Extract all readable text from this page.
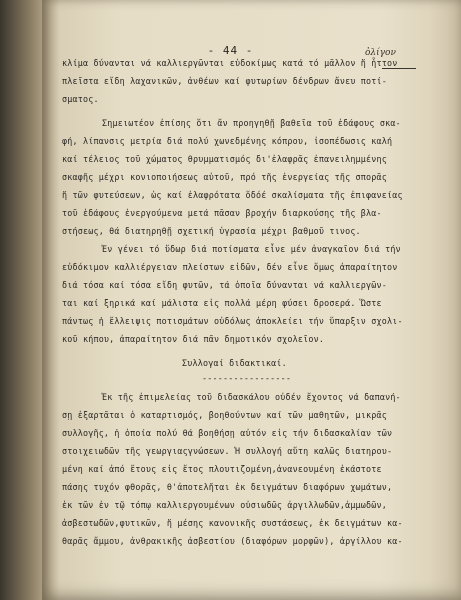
- 44 -	ὀλίγον
κλίμα δύνανται νά καλλιεργῶνται εὐδοκίμως κατά τό μᾶλλον ἤ ἧττον
πλεῖστα εἴδη λαχανικῶν, ἀνθέων καί φυτωρίων δένδρων ἄνευ ποτί-
σματος.
Σημειωτέον ἐπίσης ὅτι ἄν προηγηθῇ βαθεῖα τοῦ ἐδάφους σκα-
φή, λίπανσις μετρία διά πολύ χωνεδμένης κόπρου, ἰσοπέδωσις καλή
καί τέλειος τοῦ χώματος θρυμματισμός δι'ἐλαφρᾶς ἐπανειλημμένης
σκαφῆς μέχρι κονιοποιήσεως αὐτοῦ, πρό τῆς ἐνεργείας τῆς σπορᾶς
ἤ τῶν φυτεύσεων, ὡς καί ἐλαφρότατα ὅδόέ σκαλίσματα τῆς ἐπιφανείας
τοῦ ἐδάφους ἐνεργούμενα μετά πᾶσαν βροχήν διαρκούσης τῆς βλα-
στήσεως, θά διατηρηθῇ σχετική ὑγρασία μέχρι βαθμοῦ τινος.
Ἐν γένει τό ὕδωρ διά ποτίσματα εἶνε μέν ἀναγκαῖον διά τήν
εὐδόκιμον καλλιέργειαν πλείστων εἰδῶν, δέν εἶνε ὅμως ἀπαραίτητον
διά τόσα καί τόσα εἴδη φυτῶν, τά ὁποῖα δύνανται νά καλλιεργῶν-
ται καί ξηρικά καί μάλιστα εἰς πολλά μέρη φύσει δροσερά. Ὥστε
πάντως ἡ ἔλλειψις ποτισμάτων οὐδόλως ἀποκλείει τήν ὕπαρξιν σχολι-
κοῦ κήπου, ἀπαραίτητον διά πᾶν δημοτικόν σχολεῖον.
Συλλογαί διδακτικαί.
-----------------
Ἐκ τῆς ἐπιμελείας τοῦ διδασκάλου οὐδέν ἔχοντος νά δαπανή-
σῃ ἐξαρτᾶται ὁ καταρτισμός, βοηθούντων καί τῶν μαθητῶν, μικρᾶς
συλλογῆς, ἡ ὁποία πολύ θά βοηθήσῃ αὐτόν εἰς τήν διδασκαλίαν τῶν
στοιχειωδῶν τῆς γεωργιαςγνώσεων. Ἡ συλλογή αὕτη καλῶς διατηρου-
μένη καί ἀπό ἔτους εἰς ἔτος πλουτιζομένη,ἀνανεουμένη ἑκάστοτε
πάσης τυχόν φθορᾶς, θ'ἀποτελῆται ἐκ δειγμάτων διαφόρων χωμάτων,
ἐκ τῶν ἐν τῷ τόπῳ καλλιεργουμένων οὐσιωδῶς ἀργιλλωδῶν,ἀμμωδῶν,
ἀσβεστωδῶν,φυτικῶν, ἤ μέσης κανονικῆς συστάσεως, ἐκ δειγμάτων κα-
θαρᾶς ἄμμου, ἀνθρακικῆς ἀσβεστίου (διαφόρων μορφῶν), ἀργίλλου κα-
